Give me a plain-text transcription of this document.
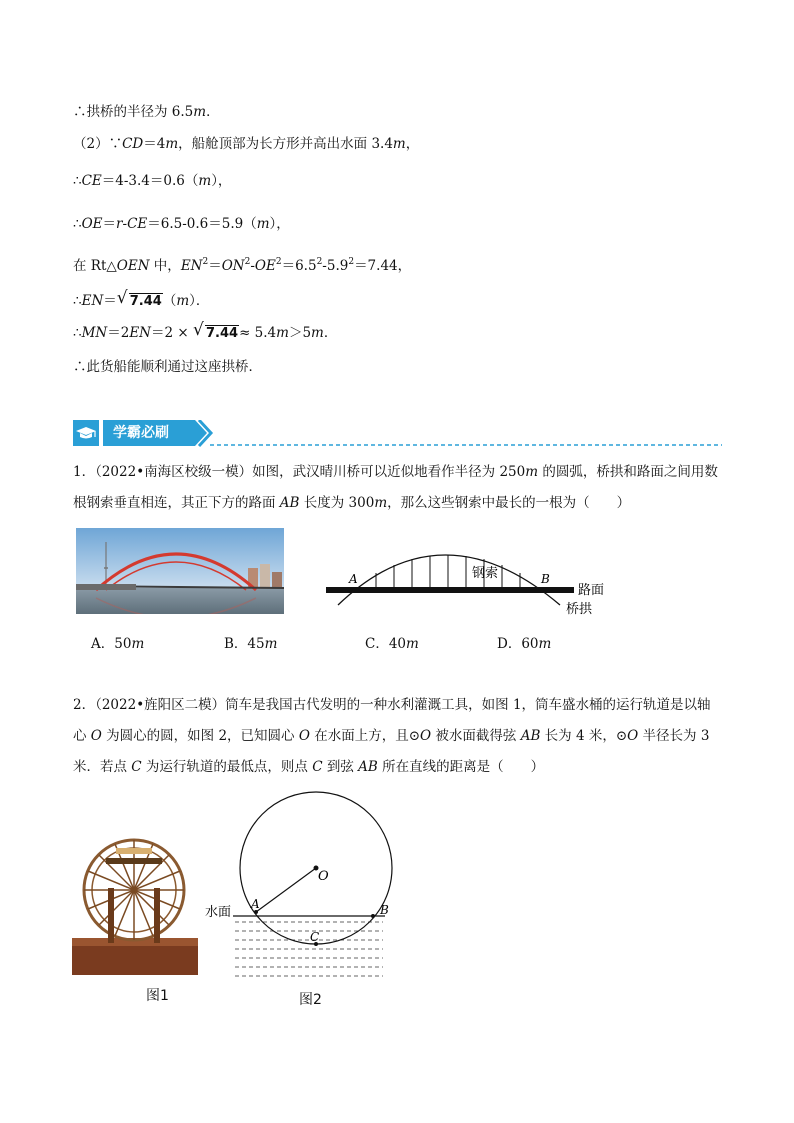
∴拱桥的半径为 6.5m．
（2）∵CD＝4m，船舱顶部为长方形并高出水面 3.4m，
∴CE＝4-3.4＝0.6（m），
∴OE＝r-CE＝6.5-0.6＝5.9（m），
在 Rt△OEN 中，$EN^2=ON^2-OE^2=6.5^2-5.9^2=7.44$，
∴EN＝ √ 7.44（m）．
∴MN＝2EN＝2 × √ 7.44≈ 5.4m＞5m．
∴此货船能顺利通过这座拱桥．
学霸必刷
1．（2022•南海区校级一模）如图，武汉晴川桥可以近似地看作半径为 250m 的圆弧，桥拱和路面之间用数根钢索垂直相连，其正下方的路面 AB 长度为 300m，那么这些钢索中最长的一根为（　　）
A	B
钢索
路面
桥拱
A．50m	B．45m	C．40m	D．60m
2．（2022•旌阳区二模）筒车是我国古代发明的一种水利灌溉工具，如图 1，筒车盛水桶的运行轨道是以轴心 O 为圆心的圆，如图 2，已知圆心 O 在水面上方，且⊙O 被水面截得弦 AB 长为 4 米，⊙O 半径长为 3 米．若点 C 为运行轨道的最低点，则点 C 到弦 AB 所在直线的距离是（　　）
图1
O
A	B
C
水面
图2
